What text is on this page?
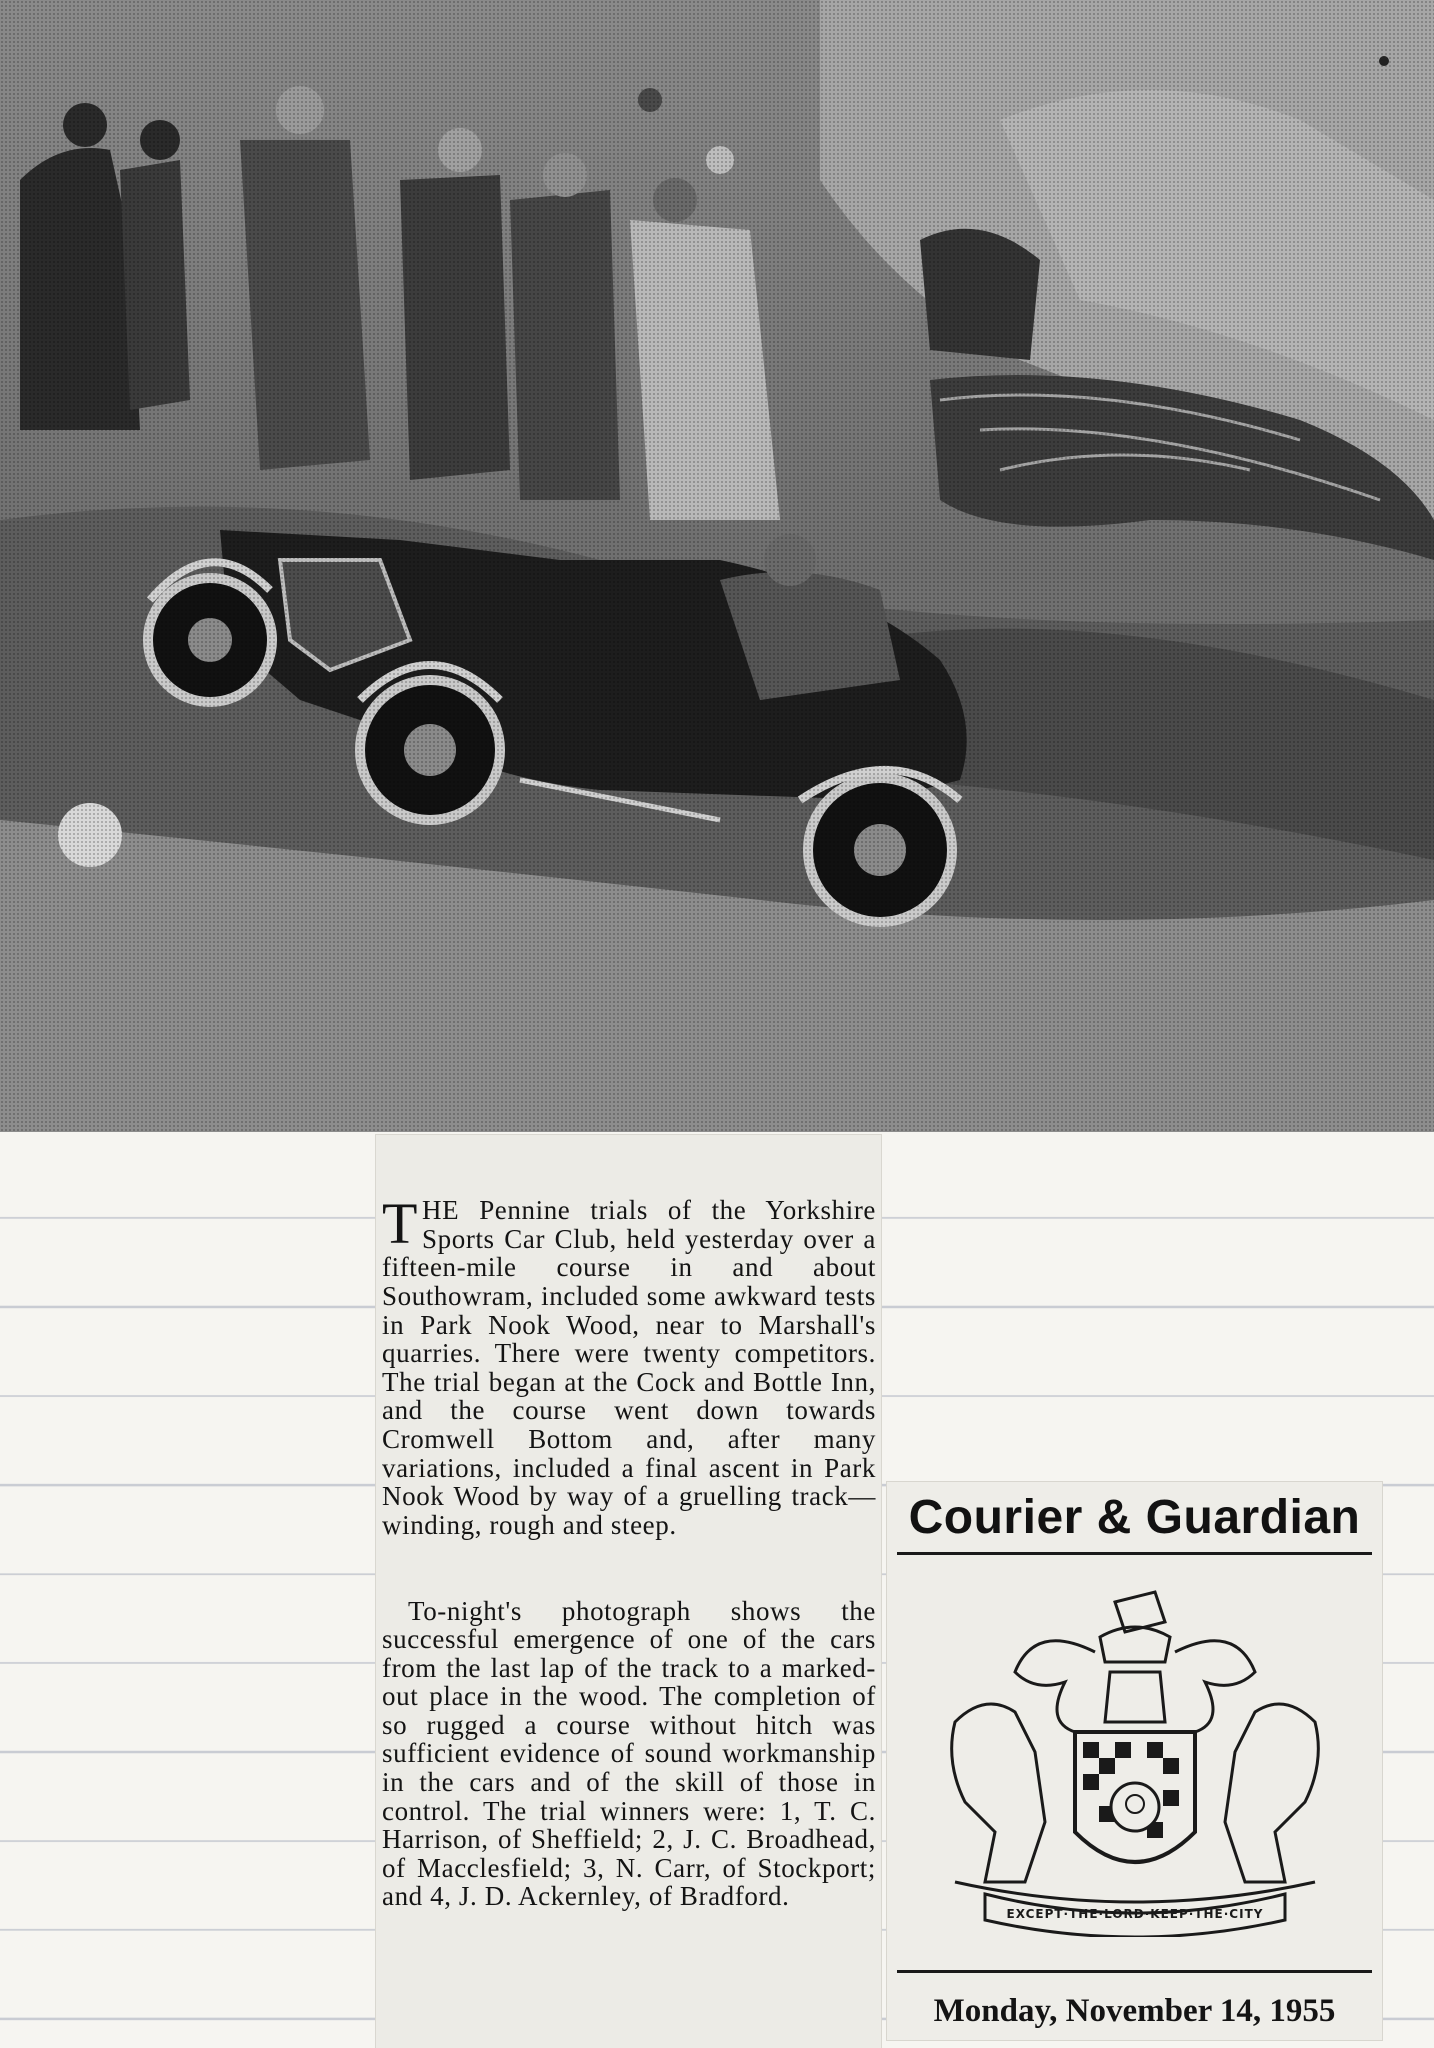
THE Pennine trials of the Yorkshire Sports Car Club, held yesterday over a fifteen-mile course in and about Southowram, included some awkward tests in Park Nook Wood, near to Marshall's quarries. There were twenty competitors. The trial began at the Cock and Bottle Inn, and the course went down towards Cromwell Bottom and, after many variations, included a final ascent in Park Nook Wood by way of a gruelling track—winding, rough and steep.

To-night's photograph shows the successful emergence of one of the cars from the last lap of the track to a marked-out place in the wood. The completion of so rugged a course without hitch was sufficient evidence of sound workmanship in the cars and of the skill of those in control. The trial winners were: 1, T. C. Harrison, of Sheffield; 2, J. C. Broadhead, of Macclesfield; 3, N. Carr, of Stockport; and 4, J. D. Ackernley, of Bradford.

Courier & Guardian
EXCEPT·THE·LORD·KEEP·THE·CITY
Monday, November 14, 1955
